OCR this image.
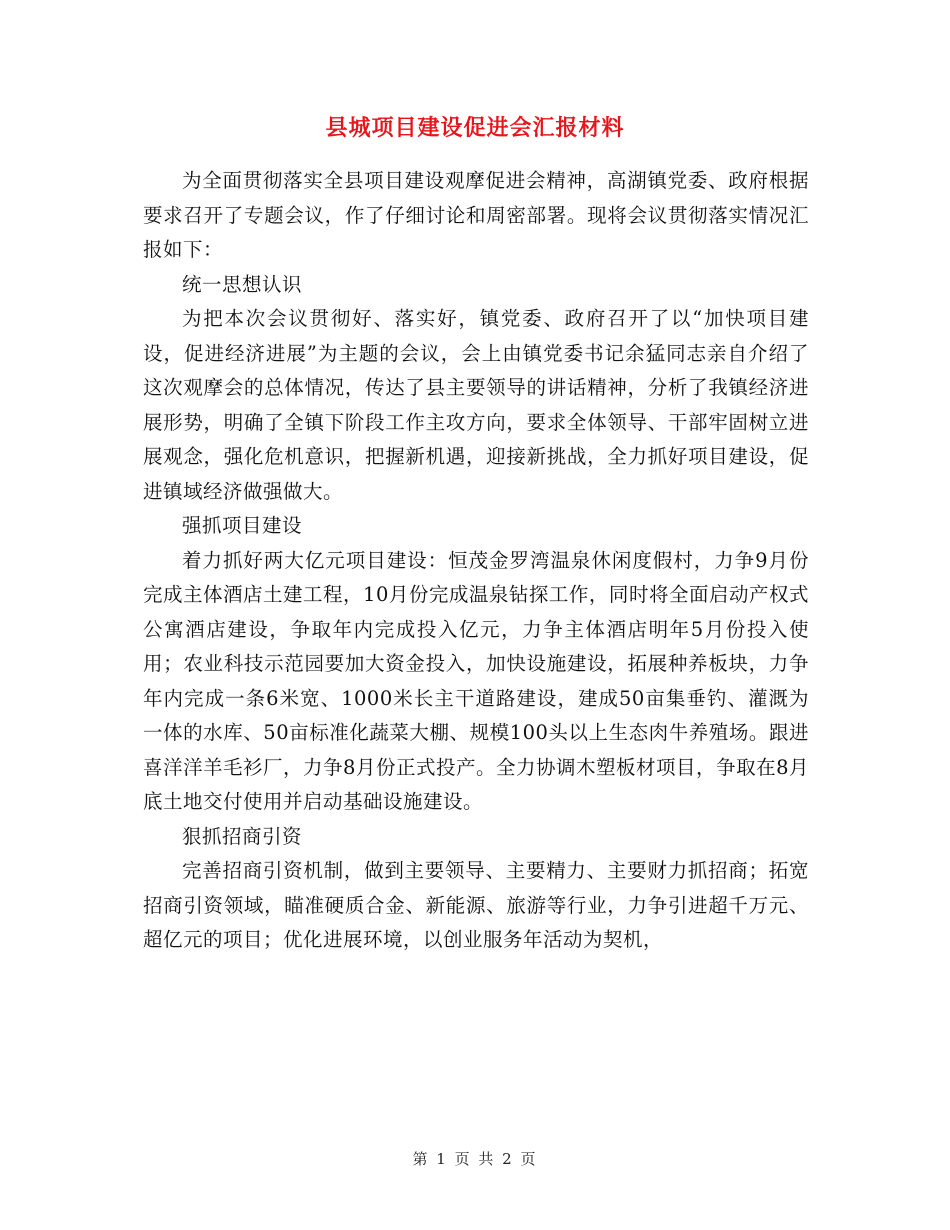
县城项目建设促进会汇报材料

为全面贯彻落实全县项目建设观摩促进会精神，高湖镇党委、政府根据要求召开了专题会议，作了仔细讨论和周密部署。现将会议贯彻落实情况汇报如下：

统一思想认识

为把本次会议贯彻好、落实好，镇党委、政府召开了以“加快项目建设，促进经济进展”为主题的会议，会上由镇党委书记余猛同志亲自介绍了这次观摩会的总体情况，传达了县主要领导的讲话精神，分析了我镇经济进展形势，明确了全镇下阶段工作主攻方向，要求全体领导、干部牢固树立进展观念，强化危机意识，把握新机遇，迎接新挑战，全力抓好项目建设，促进镇域经济做强做大。

强抓项目建设

着力抓好两大亿元项目建设：恒茂金罗湾温泉休闲度假村，力争9月份完成主体酒店土建工程，10月份完成温泉钻探工作，同时将全面启动产权式公寓酒店建设，争取年内完成投入亿元，力争主体酒店明年5月份投入使用；农业科技示范园要加大资金投入，加快设施建设，拓展种养板块，力争年内完成一条6米宽、1000米长主干道路建设，建成50亩集垂钓、灌溉为一体的水库、50亩标准化蔬菜大棚、规模100头以上生态肉牛养殖场。跟进喜洋洋羊毛衫厂，力争8月份正式投产。全力协调木塑板材项目，争取在8月底土地交付使用并启动基础设施建设。

狠抓招商引资

完善招商引资机制，做到主要领导、主要精力、主要财力抓招商；拓宽招商引资领域，瞄准硬质合金、新能源、旅游等行业，力争引进超千万元、超亿元的项目；优化进展环境，以创业服务年活动为契机，

第 1 页 共 2 页
